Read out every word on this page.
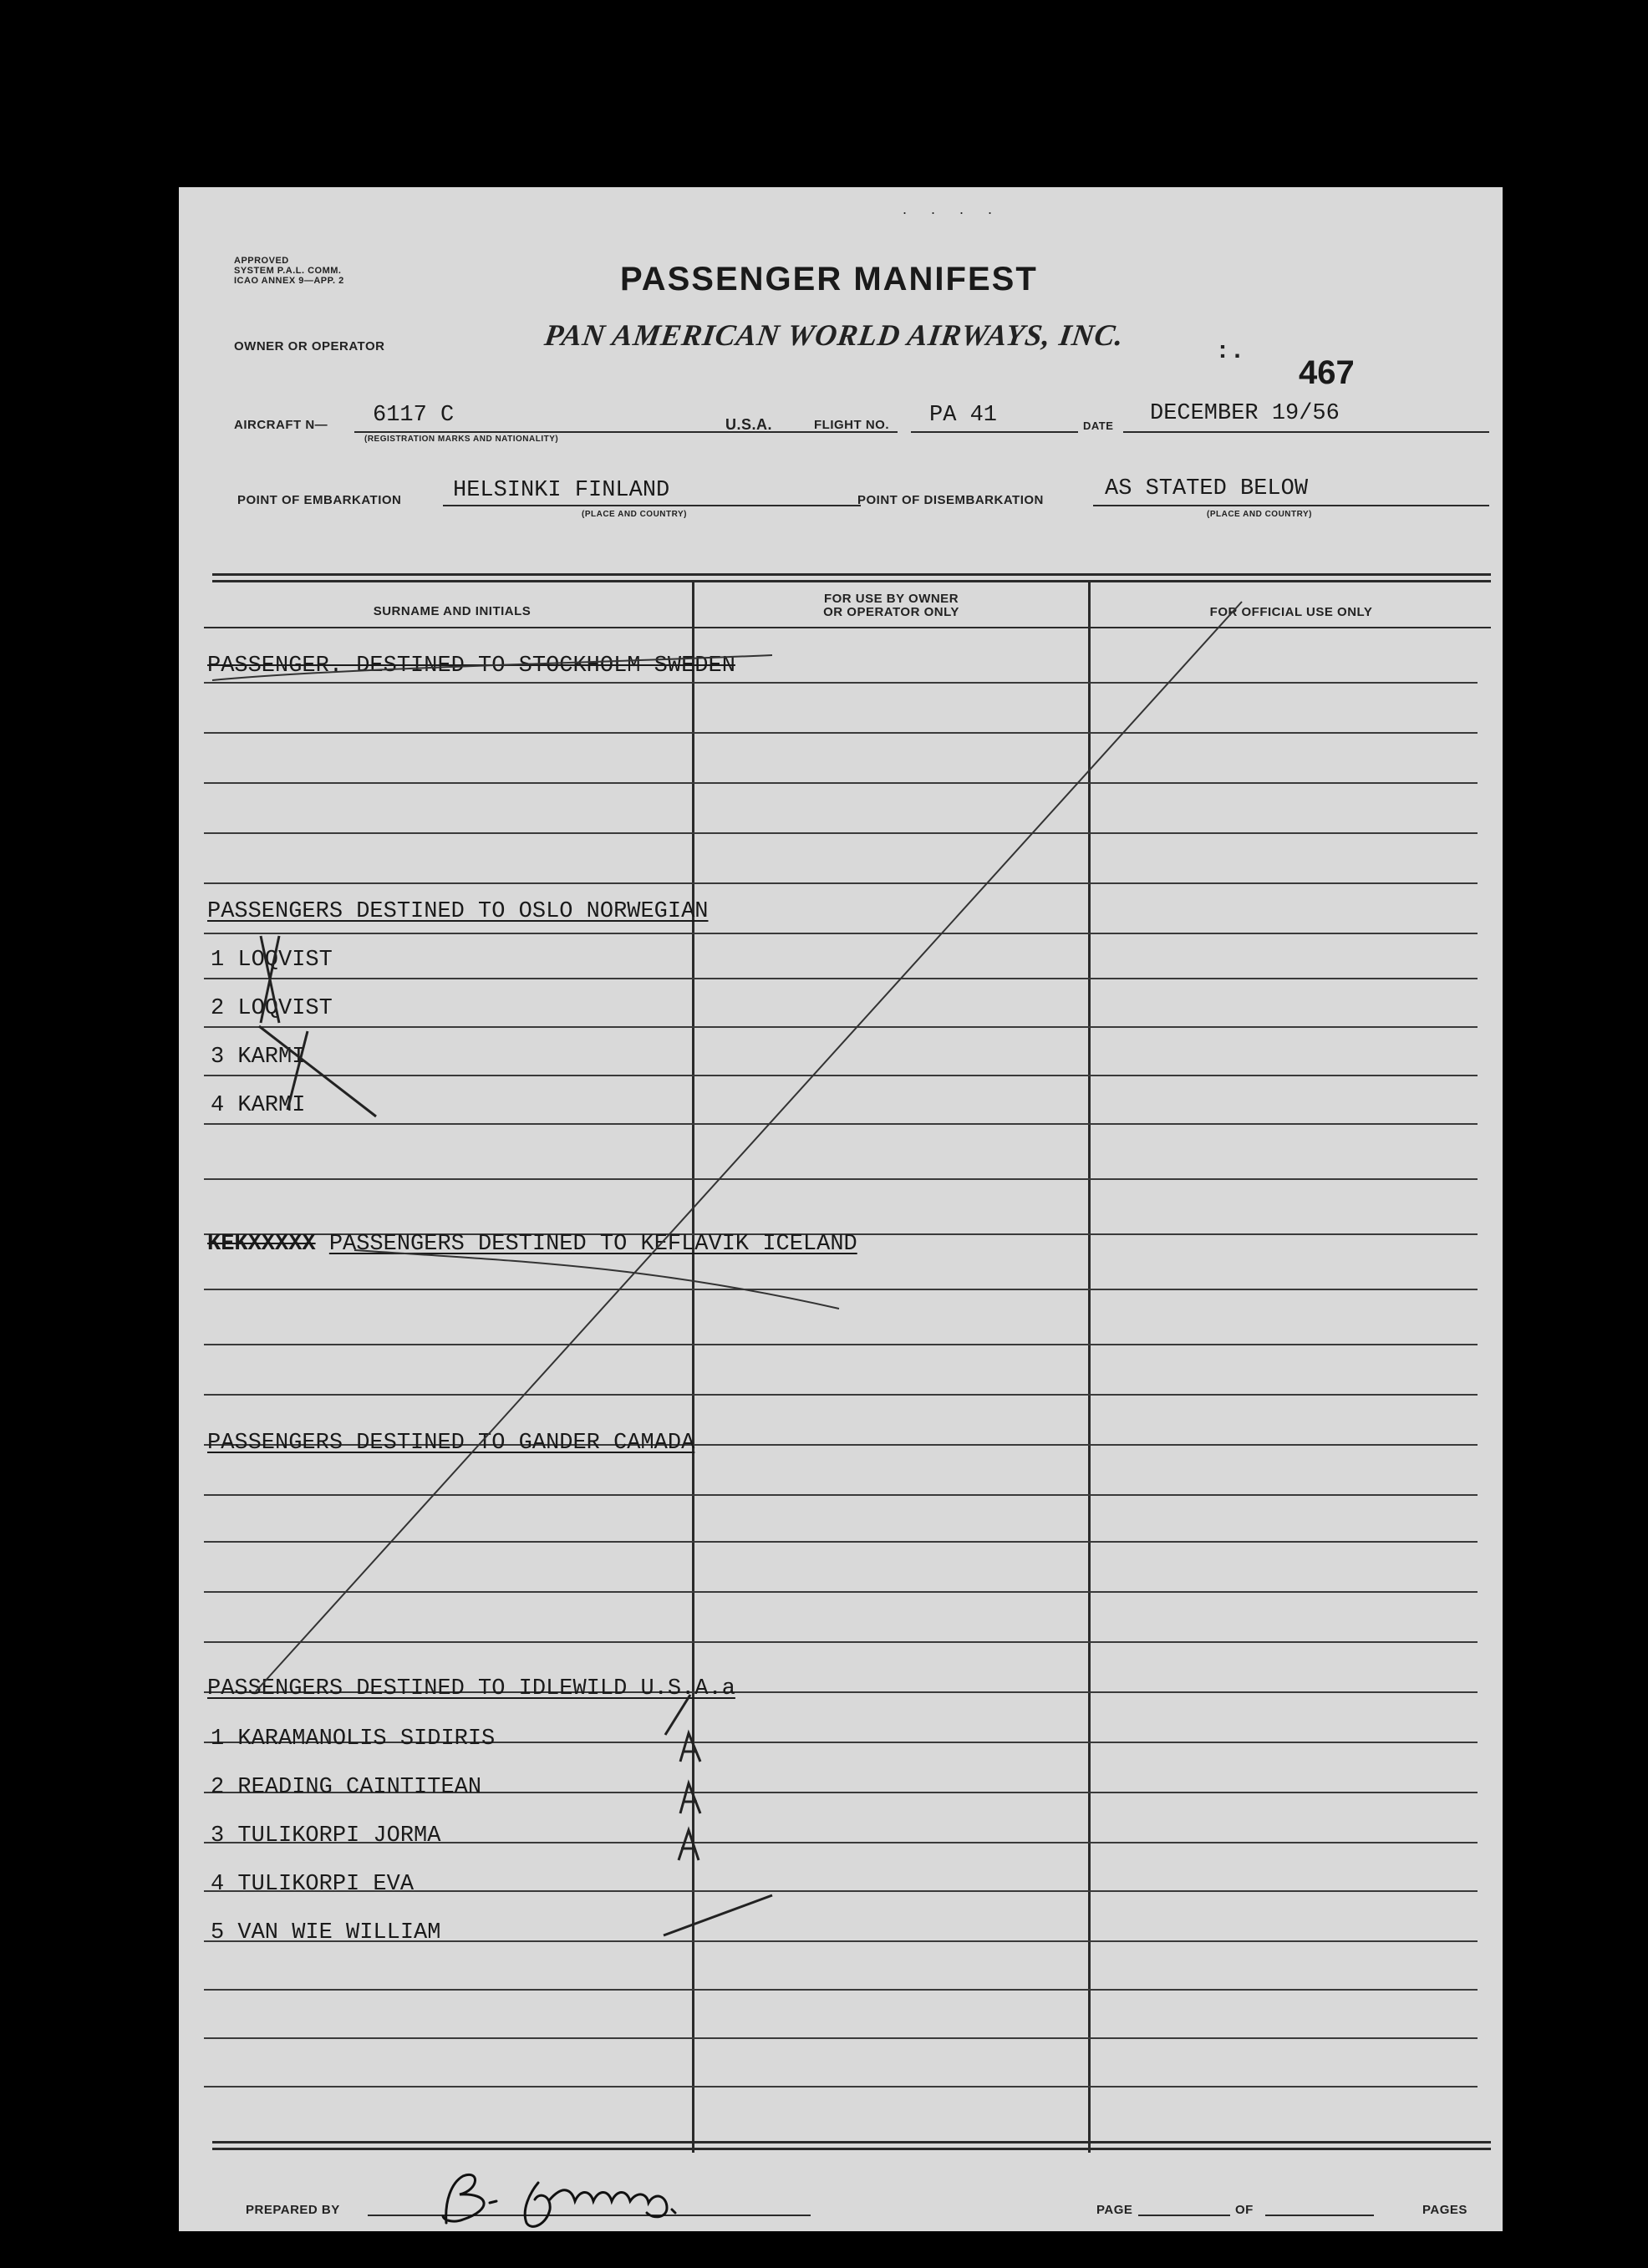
. . . .
APPROVED
SYSTEM P.A.L. COMM.
ICAO ANNEX 9—APP. 2	PASSENGER MANIFEST
OWNER OR OPERATOR	PAN AMERICAN WORLD AIRWAYS, INC.	: .
467
AIRCRAFT N— 6117 C
(REGISTRATION MARKS AND NATIONALITY)
U.S.A.	FLIGHT NO. PA 41	DATE DECEMBER 19/56
POINT OF EMBARKATION HELSINKI FINLAND
(PLACE AND COUNTRY)
POINT OF DISEMBARKATION	AS STATED BELOW
(PLACE AND COUNTRY)
SURNAME AND INITIALS
FOR USE BY OWNER
OR OPERATOR ONLY	FOR OFFICIAL USE ONLY
PASSENGER. DESTINED TO STOCKHOLM SWEDEN
PASSENGERS DESTINED TO OSLO NORWEGIAN
1 LOQVIST
2 LOQVIST
3 KARMI
4 KARMI
KEKXXXXX PASSENGERS DESTINED TO KEFLAVIK ICELAND
PASSENGERS DESTINED TO GANDER CAMADA
PASSENGERS DESTINED TO IDLEWILD U.S.A.a
1 KARAMANOLIS SIDIRIS
2 READING CAINTITEAN
3 TULIKORPI JORMA
4 TULIKORPI EVA
5 VAN WIE WILLIAM
PREPARED BY	PAGE	OF	PAGES
